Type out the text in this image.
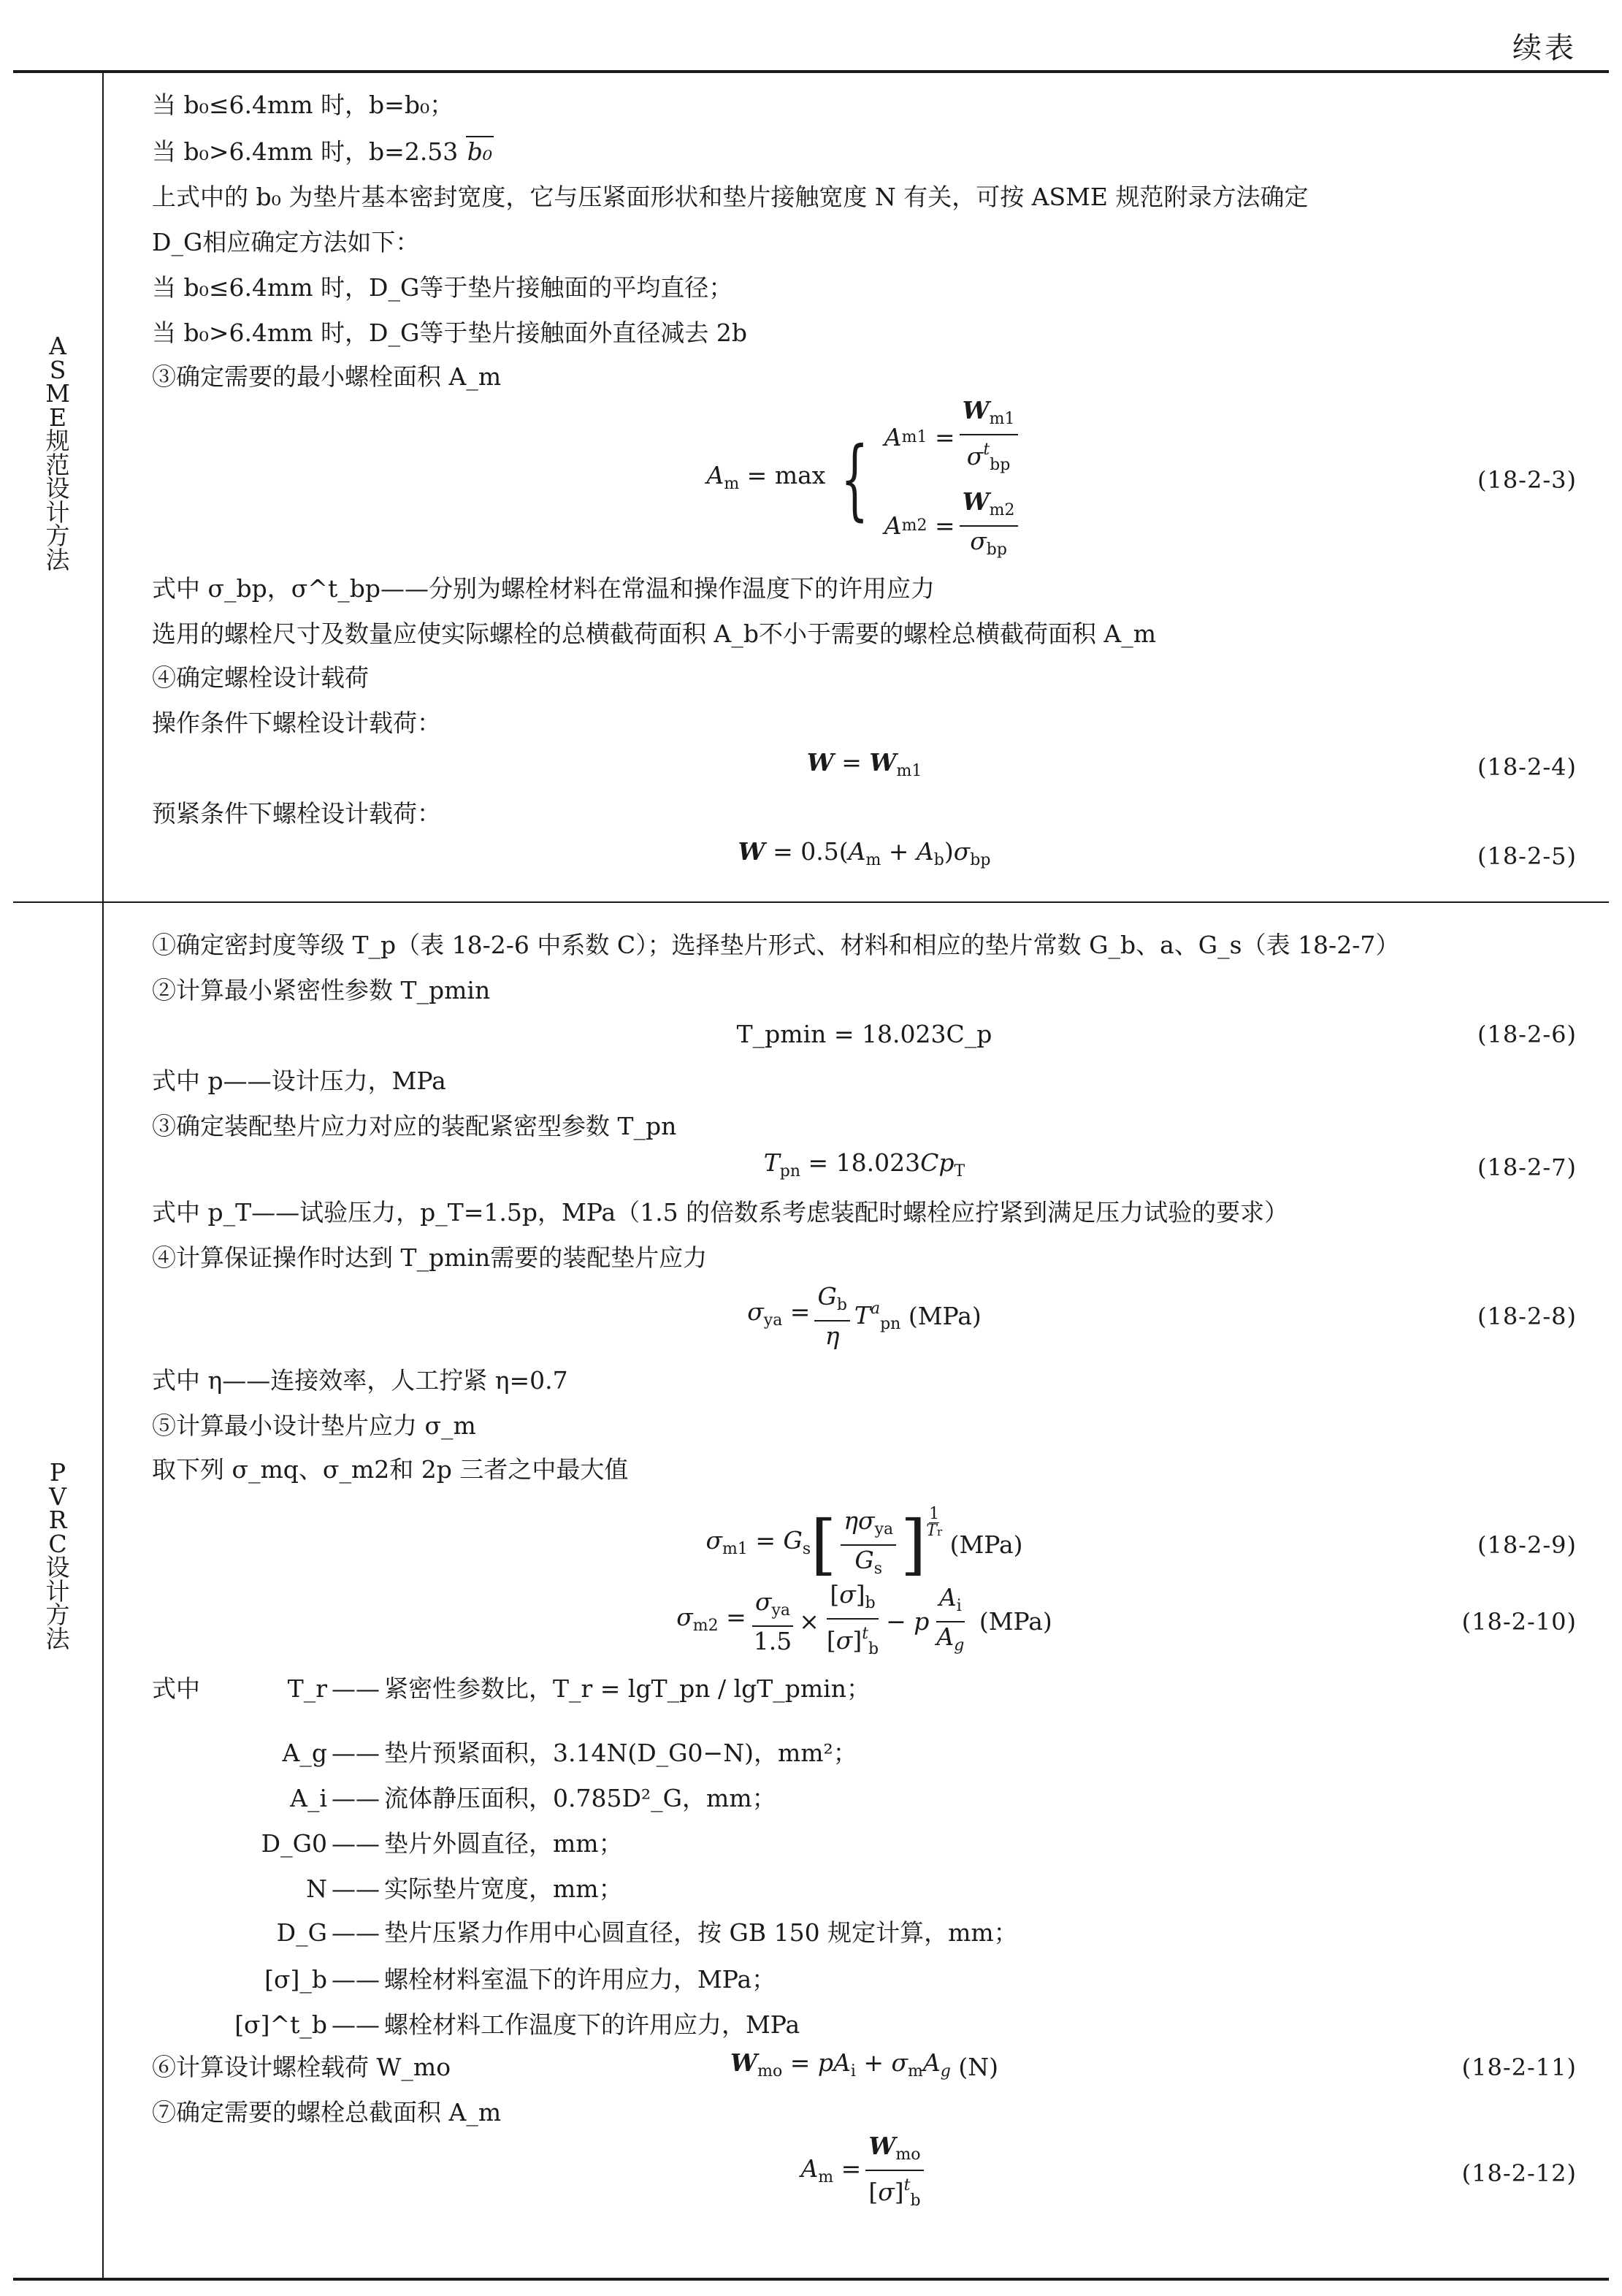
续表
A
S
M
E
规
范
设
计
方
法
P
V
R
C
设
计
方
法
当 b₀≤6.4mm 时，b=b₀；
当 b₀>6.4mm 时，b=2.53 b₀
上式中的 b₀ 为垫片基本密封宽度，它与压紧面形状和垫片接触宽度 N 有关，可按 ASME 规范附录方法确定
D_G相应确定方法如下：
当 b₀≤6.4mm 时，D_G等于垫片接触面的平均直径；
当 b₀>6.4mm 时，D_G等于垫片接触面外直径减去 2b
③确定需要的最小螺栓面积 A_m
$A_m = \max$ { A $m1 = \frac{W_{m1}}{\sigma^t_{bp}}$
A $m2 = \frac{W_{m2}}{\sigma_{bp}}$
(18-2-3)
式中 σ_bp，σ^t_bp——分别为螺栓材料在常温和操作温度下的许用应力
选用的螺栓尺寸及数量应使实际螺栓的总横截荷面积 A_b不小于需要的螺栓总横截荷面积 A_m
④确定螺栓设计载荷
操作条件下螺栓设计载荷：
$W = W_{m1}$	(18-2-4)
预紧条件下螺栓设计载荷：
$W = 0.5(A_m + A_b)\sigma_{bp}$	(18-2-5)
①确定密封度等级 T_p（表 18-2-6 中系数 C）；选择垫片形式、材料和相应的垫片常数 G_b、a、G_s（表 18-2-7）
②计算最小紧密性参数 T_pmin
T_pmin = 18.023C_p	(18-2-6)
式中 p——设计压力，MPa
③确定装配垫片应力对应的装配紧密型参数 T_pn
$T_{pn} = 18.023Cp_T$	(18-2-7)
式中 p_T——试验压力，p_T=1.5p，MPa（1.5 的倍数系考虑装配时螺栓应拧紧到满足压力试验的要求）
④计算保证操作时达到 T_pmin需要的装配垫片应力
$\sigma_{ya} = \frac{G_b}{\eta} T^a_{pn}$ (MPa)	(18-2-8)
式中 η——连接效率，人工拧紧 η=0.7
⑤计算最小设计垫片应力 σ_m
取下列 σ_mq、σ_m2和 2p 三者之中最大值
$\sigma_{m1} = G_s$ [ $\frac{\eta\sigma_{ya}}{G_s}$ ] 1
Tr
(MPa)	(18-2-9)
$\sigma_{m2} = \frac{\sigma_{ya}}{1.5} \times \frac{[\sigma]_b}{[\sigma]^t_b} - p \frac{A_i}{A_g}$
(MPa)	(18-2-10)
式中	T_r —— 紧密性参数比，T_r = lgT_pn / lgT_pmin；
A_g —— 垫片预紧面积，3.14N(D_G0−N)，mm²；
A_i —— 流体静压面积，0.785D²_G，mm；
D_G0 —— 垫片外圆直径，mm；
N —— 实际垫片宽度，mm；
D_G —— 垫片压紧力作用中心圆直径，按 GB 150 规定计算，mm；
[σ]_b —— 螺栓材料室温下的许用应力，MPa；
[σ]^t_b —— 螺栓材料工作温度下的许用应力，MPa
⑥计算设计螺栓载荷 W_mo	$W_{mo} = pA_i + \sigma_mA_g$ (N)	(18-2-11)
⑦确定需要的螺栓总截面积 A_m
$A_m = \frac{W_{mo}}{[\sigma]^t_b}$	(18-2-12)
